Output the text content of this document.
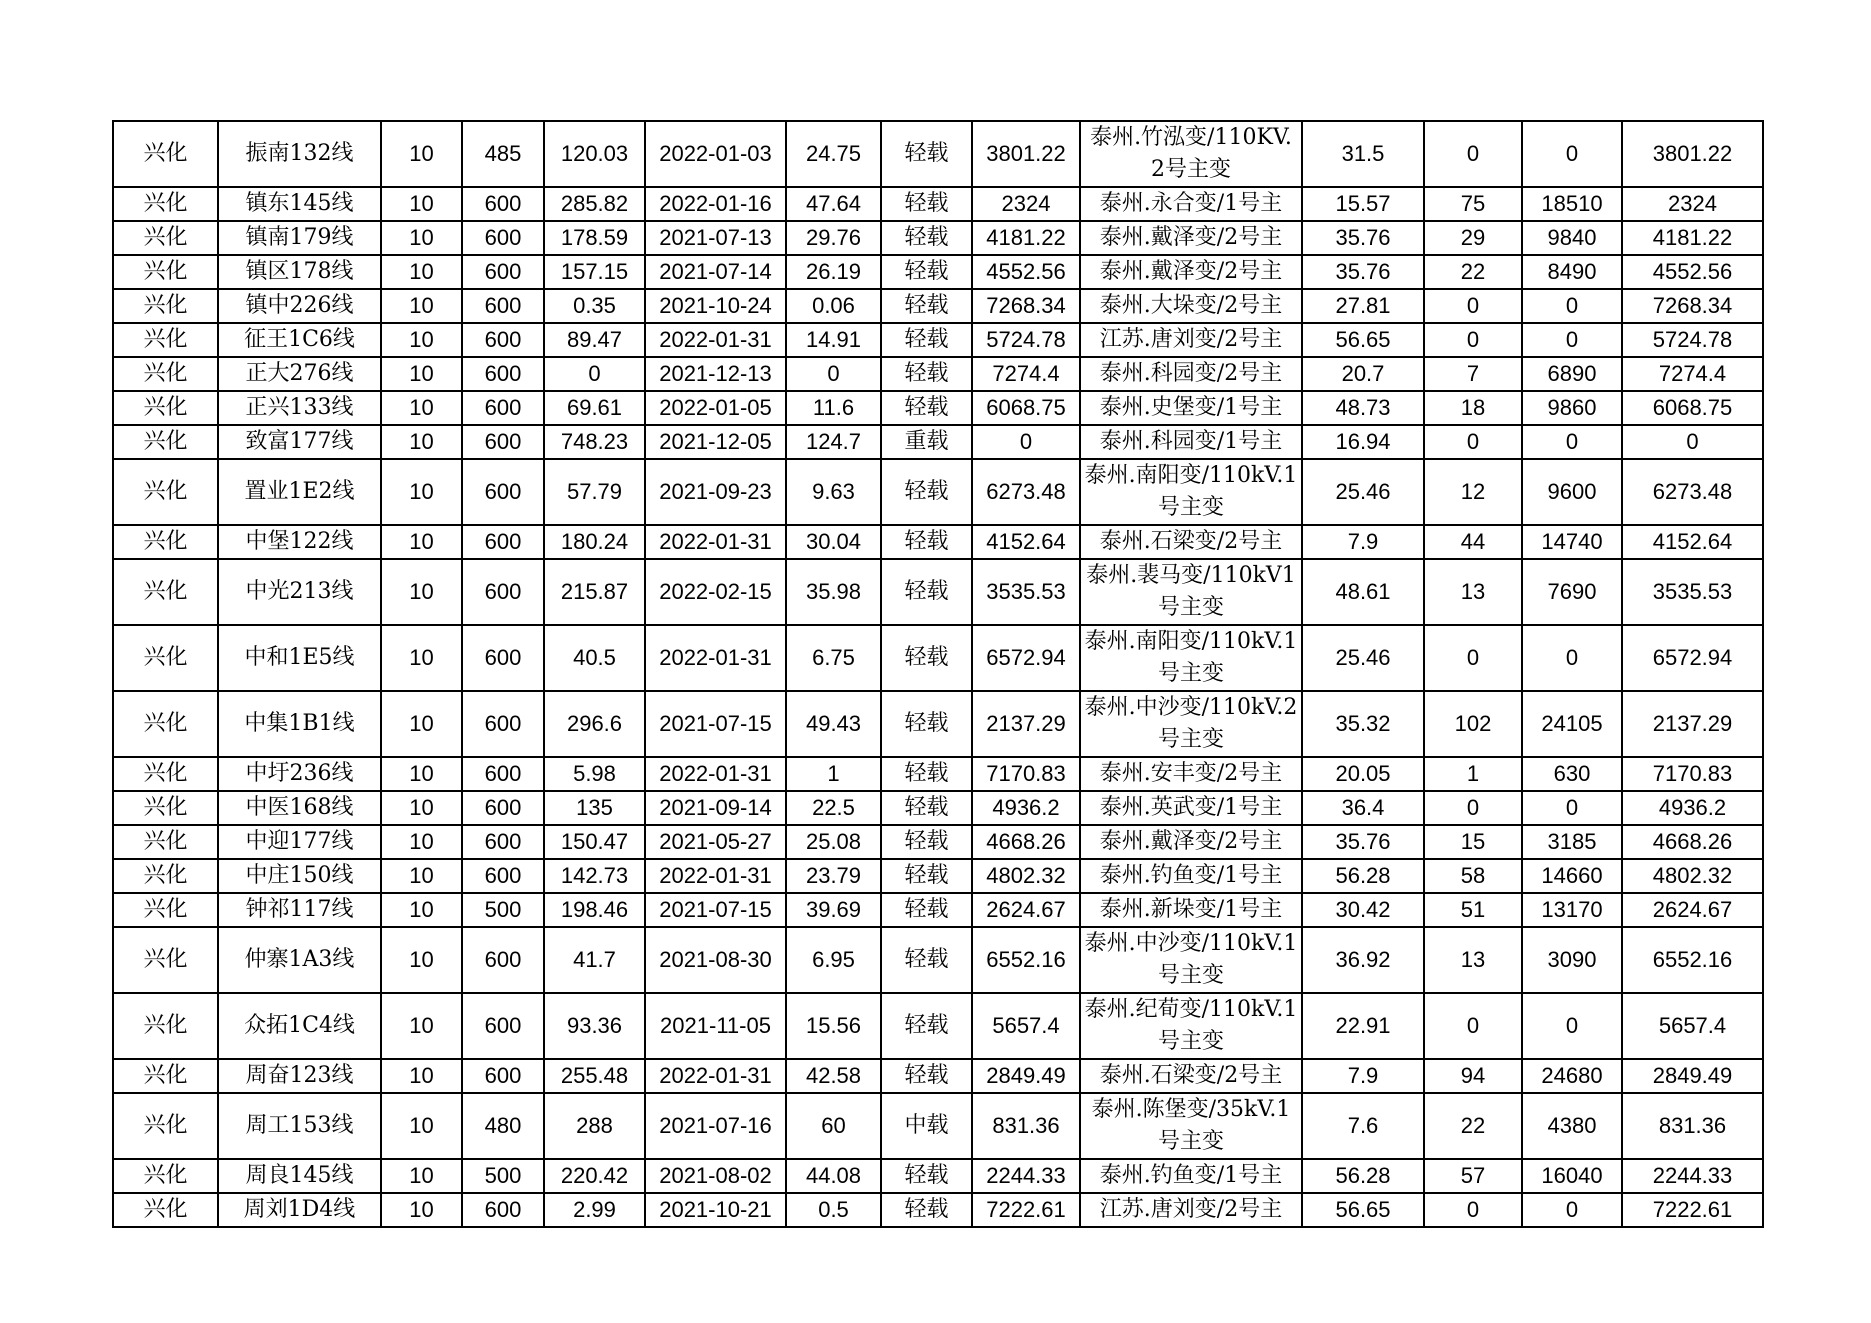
兴化	振南132线	10	485	120.03	2022-01-03	24.75	轻载	3801.22	泰州.竹泓变/110KV.2号主变	31.5	0	0	3801.22
兴化	镇东145线	10	600	285.82	2022-01-16	47.64	轻载	2324	泰州.永合变/1号主	15.57	75	18510	2324
兴化	镇南179线	10	600	178.59	2021-07-13	29.76	轻载	4181.22	泰州.戴泽变/2号主	35.76	29	9840	4181.22
兴化	镇区178线	10	600	157.15	2021-07-14	26.19	轻载	4552.56	泰州.戴泽变/2号主	35.76	22	8490	4552.56
兴化	镇中226线	10	600	0.35	2021-10-24	0.06	轻载	7268.34	泰州.大垛变/2号主	27.81	0	0	7268.34
兴化	征王1C6线	10	600	89.47	2022-01-31	14.91	轻载	5724.78	江苏.唐刘变/2号主	56.65	0	0	5724.78
兴化	正大276线	10	600	0	2021-12-13	0	轻载	7274.4	泰州.科园变/2号主	20.7	7	6890	7274.4
兴化	正兴133线	10	600	69.61	2022-01-05	11.6	轻载	6068.75	泰州.史堡变/1号主	48.73	18	9860	6068.75
兴化	致富177线	10	600	748.23	2021-12-05	124.7	重载	0	泰州.科园变/1号主	16.94	0	0	0
兴化	置业1E2线	10	600	57.79	2021-09-23	9.63	轻载	6273.48	泰州.南阳变/110kV.1号主变	25.46	12	9600	6273.48
兴化	中堡122线	10	600	180.24	2022-01-31	30.04	轻载	4152.64	泰州.石梁变/2号主	7.9	44	14740	4152.64
兴化	中光213线	10	600	215.87	2022-02-15	35.98	轻载	3535.53	泰州.裴马变/110kV1号主变	48.61	13	7690	3535.53
兴化	中和1E5线	10	600	40.5	2022-01-31	6.75	轻载	6572.94	泰州.南阳变/110kV.1号主变	25.46	0	0	6572.94
兴化	中集1B1线	10	600	296.6	2021-07-15	49.43	轻载	2137.29	泰州.中沙变/110kV.2号主变	35.32	102	24105	2137.29
兴化	中圩236线	10	600	5.98	2022-01-31	1	轻载	7170.83	泰州.安丰变/2号主	20.05	1	630	7170.83
兴化	中医168线	10	600	135	2021-09-14	22.5	轻载	4936.2	泰州.英武变/1号主	36.4	0	0	4936.2
兴化	中迎177线	10	600	150.47	2021-05-27	25.08	轻载	4668.26	泰州.戴泽变/2号主	35.76	15	3185	4668.26
兴化	中庄150线	10	600	142.73	2022-01-31	23.79	轻载	4802.32	泰州.钓鱼变/1号主	56.28	58	14660	4802.32
兴化	钟祁117线	10	500	198.46	2021-07-15	39.69	轻载	2624.67	泰州.新垛变/1号主	30.42	51	13170	2624.67
兴化	仲寨1A3线	10	600	41.7	2021-08-30	6.95	轻载	6552.16	泰州.中沙变/110kV.1号主变	36.92	13	3090	6552.16
兴化	众拓1C4线	10	600	93.36	2021-11-05	15.56	轻载	5657.4	泰州.纪荀变/110kV.1号主变	22.91	0	0	5657.4
兴化	周奋123线	10	600	255.48	2022-01-31	42.58	轻载	2849.49	泰州.石梁变/2号主	7.9	94	24680	2849.49
兴化	周工153线	10	480	288	2021-07-16	60	中载	831.36	泰州.陈堡变/35kV.1号主变	7.6	22	4380	831.36
兴化	周良145线	10	500	220.42	2021-08-02	44.08	轻载	2244.33	泰州.钓鱼变/1号主	56.28	57	16040	2244.33
兴化	周刘1D4线	10	600	2.99	2021-10-21	0.5	轻载	7222.61	江苏.唐刘变/2号主	56.65	0	0	7222.61
